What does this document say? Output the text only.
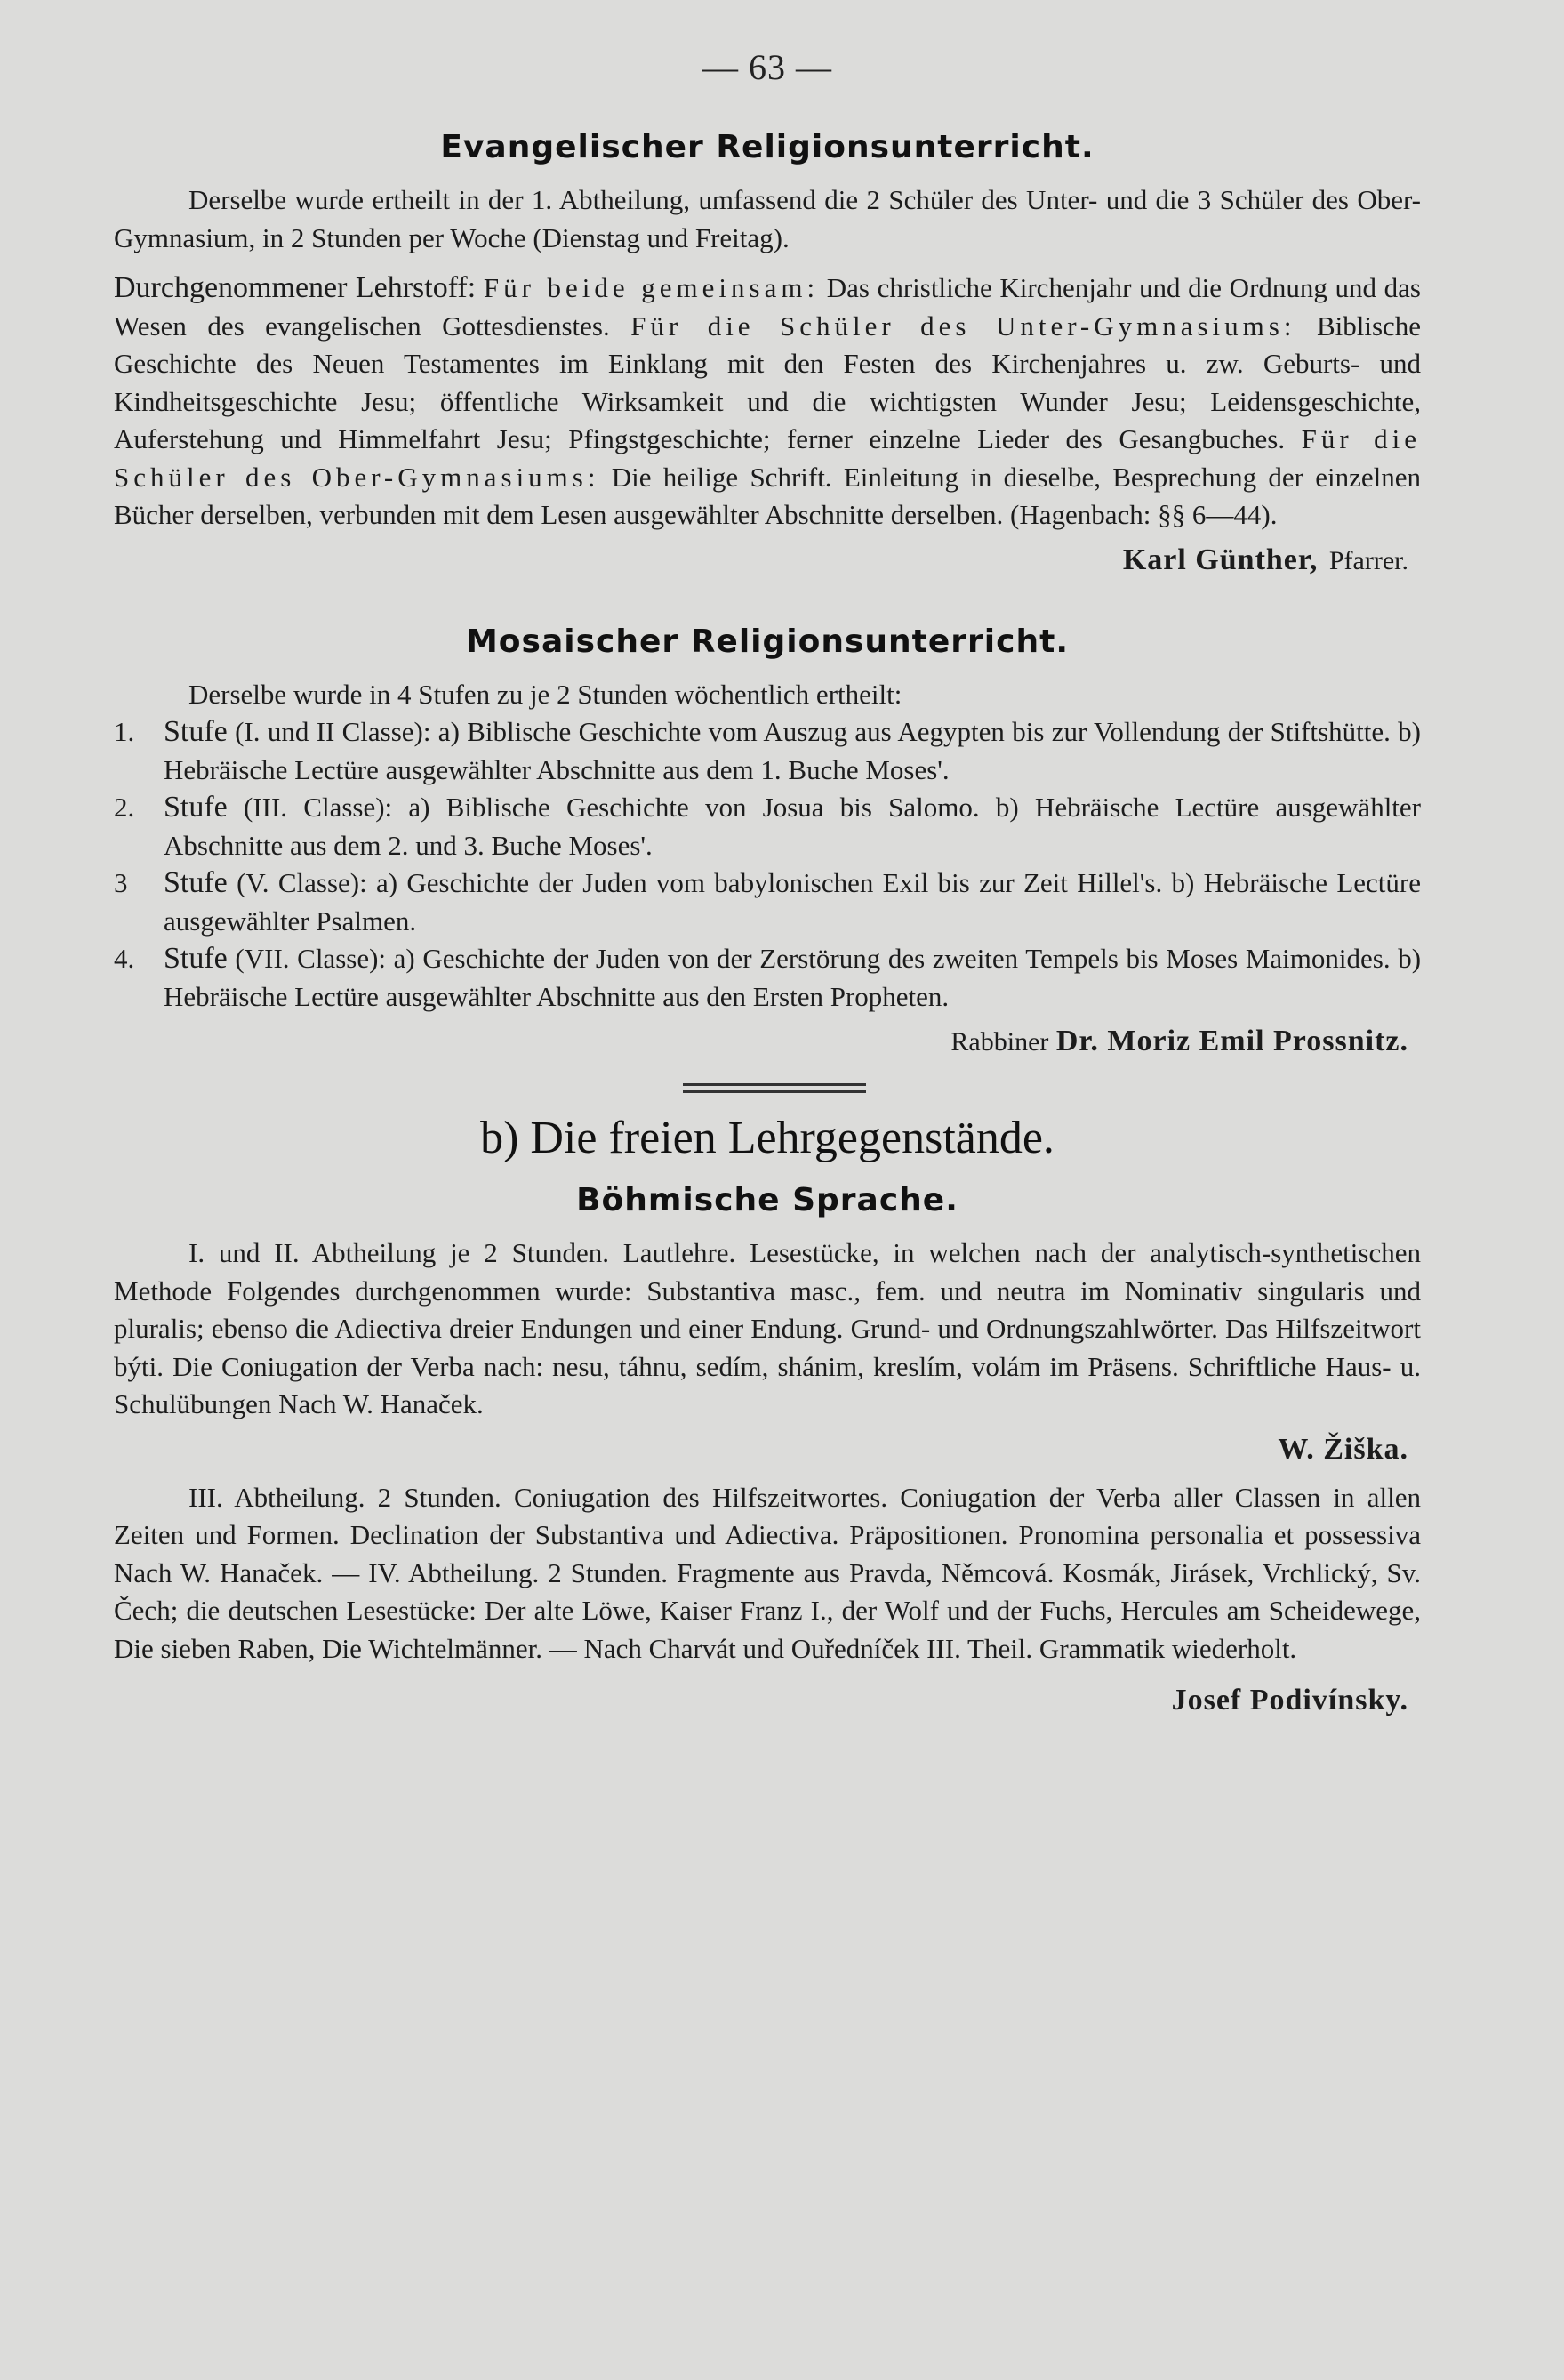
— 63 —
Evangelischer Religionsunterricht.

Derselbe wurde ertheilt in der 1. Abtheilung, umfassend die 2 Schüler des Unter- und die 3 Schüler des Ober-Gymnasium, in 2 Stunden per Woche (Dienstag und Freitag).

Durchgenommener Lehrstoff: Für beide gemeinsam: Das christliche Kirchenjahr und die Ordnung und das Wesen des evangelischen Gottesdienstes. Für die Schüler des Unter-Gymnasiums: Biblische Geschichte des Neuen Testamentes im Einklang mit den Festen des Kirchenjahres u. zw. Geburts- und Kindheitsgeschichte Jesu; öffentliche Wirksamkeit und die wichtigsten Wunder Jesu; Leidensgeschichte, Auferstehung und Himmelfahrt Jesu; Pfingstgeschichte; ferner einzelne Lieder des Gesangbuches. Für die Schüler des Ober-Gymnasiums: Die heilige Schrift. Einleitung in dieselbe, Besprechung der einzelnen Bücher derselben, verbunden mit dem Lesen ausgewählter Abschnitte derselben. (Hagenbach: §§ 6—44).

Karl Günther, Pfarrer.
Mosaischer Religionsunterricht.

Derselbe wurde in 4 Stufen zu je 2 Stunden wöchentlich ertheilt:

1. Stufe (I. und II Classe): a) Biblische Geschichte vom Auszug aus Aegypten bis zur Vollendung der Stiftshütte. b) Hebräische Lectüre ausgewählter Abschnitte aus dem 1. Buche Moses'.

2. Stufe (III. Classe): a) Biblische Geschichte von Josua bis Salomo. b) Hebräische Lectüre ausgewählter Abschnitte aus dem 2. und 3. Buche Moses'.

3 Stufe (V. Classe): a) Geschichte der Juden vom babylonischen Exil bis zur Zeit Hillel's. b) Hebräische Lectüre ausgewählter Psalmen.

4. Stufe (VII. Classe): a) Geschichte der Juden von der Zerstörung des zweiten Tempels bis Moses Maimonides. b) Hebräische Lectüre ausgewählter Abschnitte aus den Ersten Propheten.

Rabbiner Dr. Moriz Emil Prossnitz.
b) Die freien Lehrgegenstände.
Böhmische Sprache.

I. und II. Abtheilung je 2 Stunden. Lautlehre. Lesestücke, in welchen nach der analytisch-synthetischen Methode Folgendes durchgenommen wurde: Substantiva masc., fem. und neutra im Nominativ singularis und pluralis; ebenso die Adiectiva dreier Endungen und einer Endung. Grund- und Ordnungszahlwörter. Das Hilfszeitwort býti. Die Coniugation der Verba nach: nesu, táhnu, sedím, shánim, kreslím, volám im Präsens. Schriftliche Haus- u. Schulübungen Nach W. Hanaček.

W. Žiška.

III. Abtheilung. 2 Stunden. Coniugation des Hilfszeitwortes. Coniugation der Verba aller Classen in allen Zeiten und Formen. Declination der Substantiva und Adiectiva. Präpositionen. Pronomina personalia et possessiva Nach W. Hanaček. — IV. Abtheilung. 2 Stunden. Fragmente aus Pravda, Němcová. Kosmák, Jirásek, Vrchlický, Sv. Čech; die deutschen Lesestücke: Der alte Löwe, Kaiser Franz I., der Wolf und der Fuchs, Hercules am Scheidewege, Die sieben Raben, Die Wichtelmänner. — Nach Charvát und Ouředníček III. Theil. Grammatik wiederholt.

Josef Podivínsky.
